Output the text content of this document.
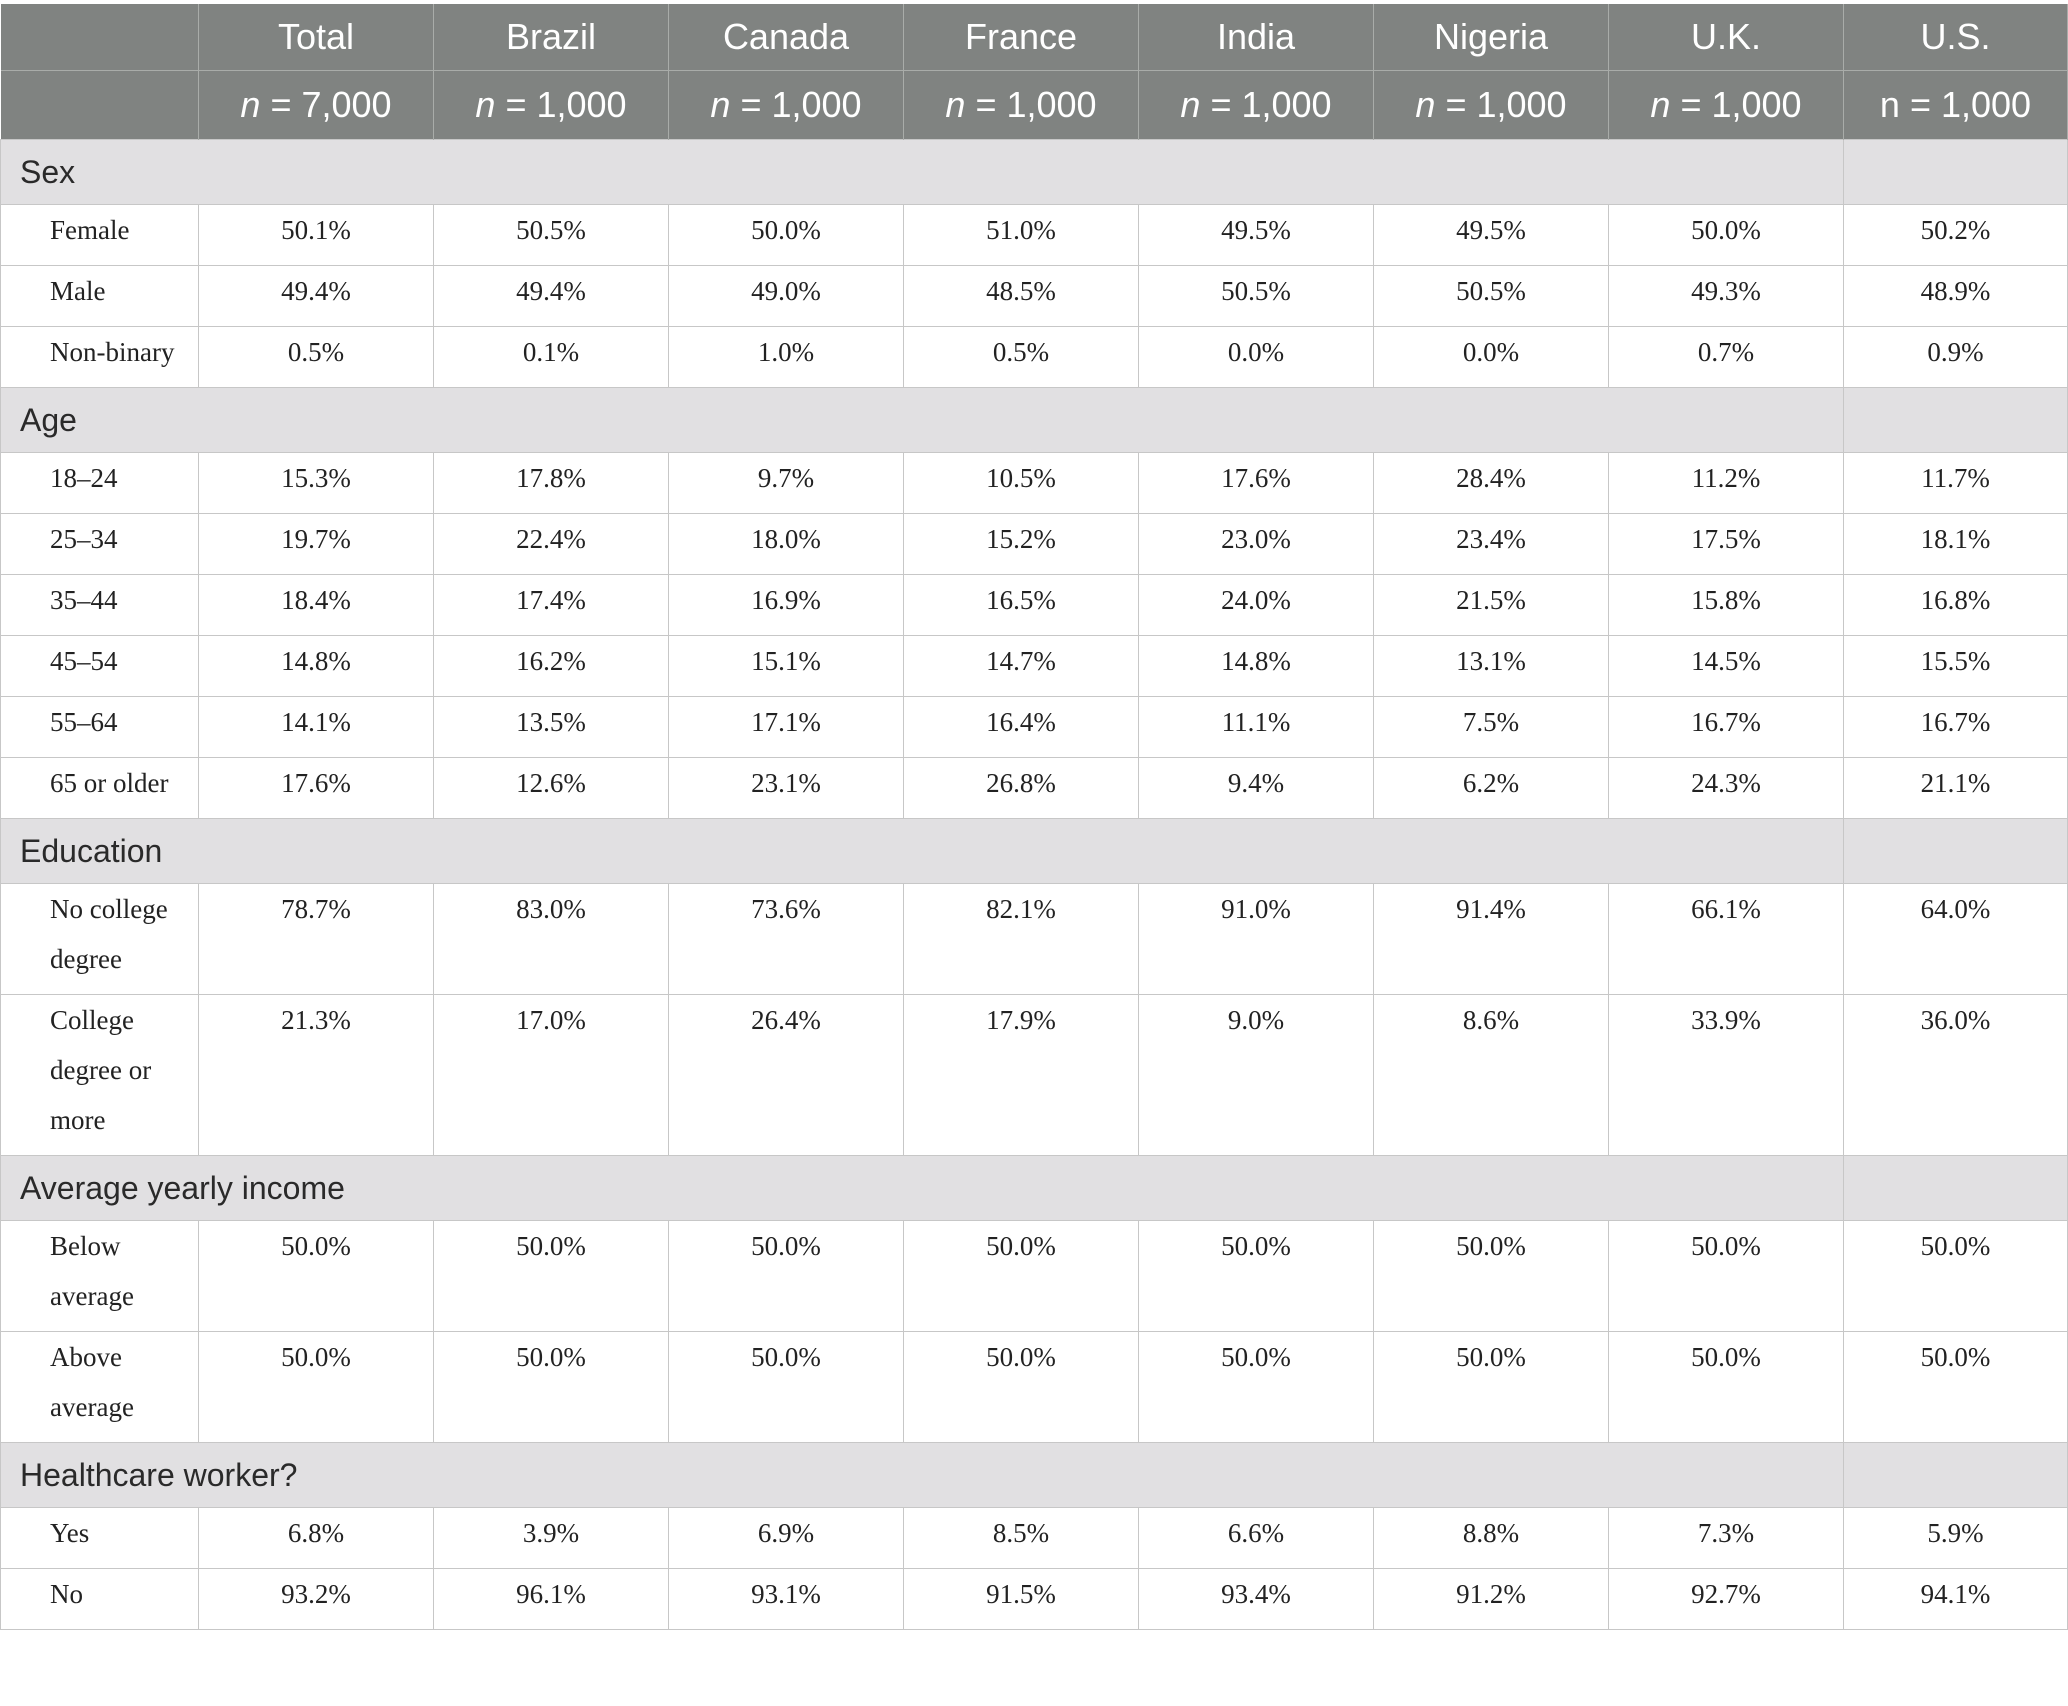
	Total	Brazil	Canada	France	India	Nigeria	U.K.	U.S.
	n = 7,000	n = 1,000	n = 1,000	n = 1,000	n = 1,000	n = 1,000	n = 1,000	n = 1,000
Sex								
Female	50.1%	50.5%	50.0%	51.0%	49.5%	49.5%	50.0%	50.2%
Male	49.4%	49.4%	49.0%	48.5%	50.5%	50.5%	49.3%	48.9%
Non-binary	0.5%	0.1%	1.0%	0.5%	0.0%	0.0%	0.7%	0.9%
Age								
18–24	15.3%	17.8%	9.7%	10.5%	17.6%	28.4%	11.2%	11.7%
25–34	19.7%	22.4%	18.0%	15.2%	23.0%	23.4%	17.5%	18.1%
35–44	18.4%	17.4%	16.9%	16.5%	24.0%	21.5%	15.8%	16.8%
45–54	14.8%	16.2%	15.1%	14.7%	14.8%	13.1%	14.5%	15.5%
55–64	14.1%	13.5%	17.1%	16.4%	11.1%	7.5%	16.7%	16.7%
65 or older	17.6%	12.6%	23.1%	26.8%	9.4%	6.2%	24.3%	21.1%
Education								
No college degree	78.7%	83.0%	73.6%	82.1%	91.0%	91.4%	66.1%	64.0%
College degree or more	21.3%	17.0%	26.4%	17.9%	9.0%	8.6%	33.9%	36.0%
Average yearly income								
Below average	50.0%	50.0%	50.0%	50.0%	50.0%	50.0%	50.0%	50.0%
Above average	50.0%	50.0%	50.0%	50.0%	50.0%	50.0%	50.0%	50.0%
Healthcare worker?								
Yes	6.8%	3.9%	6.9%	8.5%	6.6%	8.8%	7.3%	5.9%
No	93.2%	96.1%	93.1%	91.5%	93.4%	91.2%	92.7%	94.1%
